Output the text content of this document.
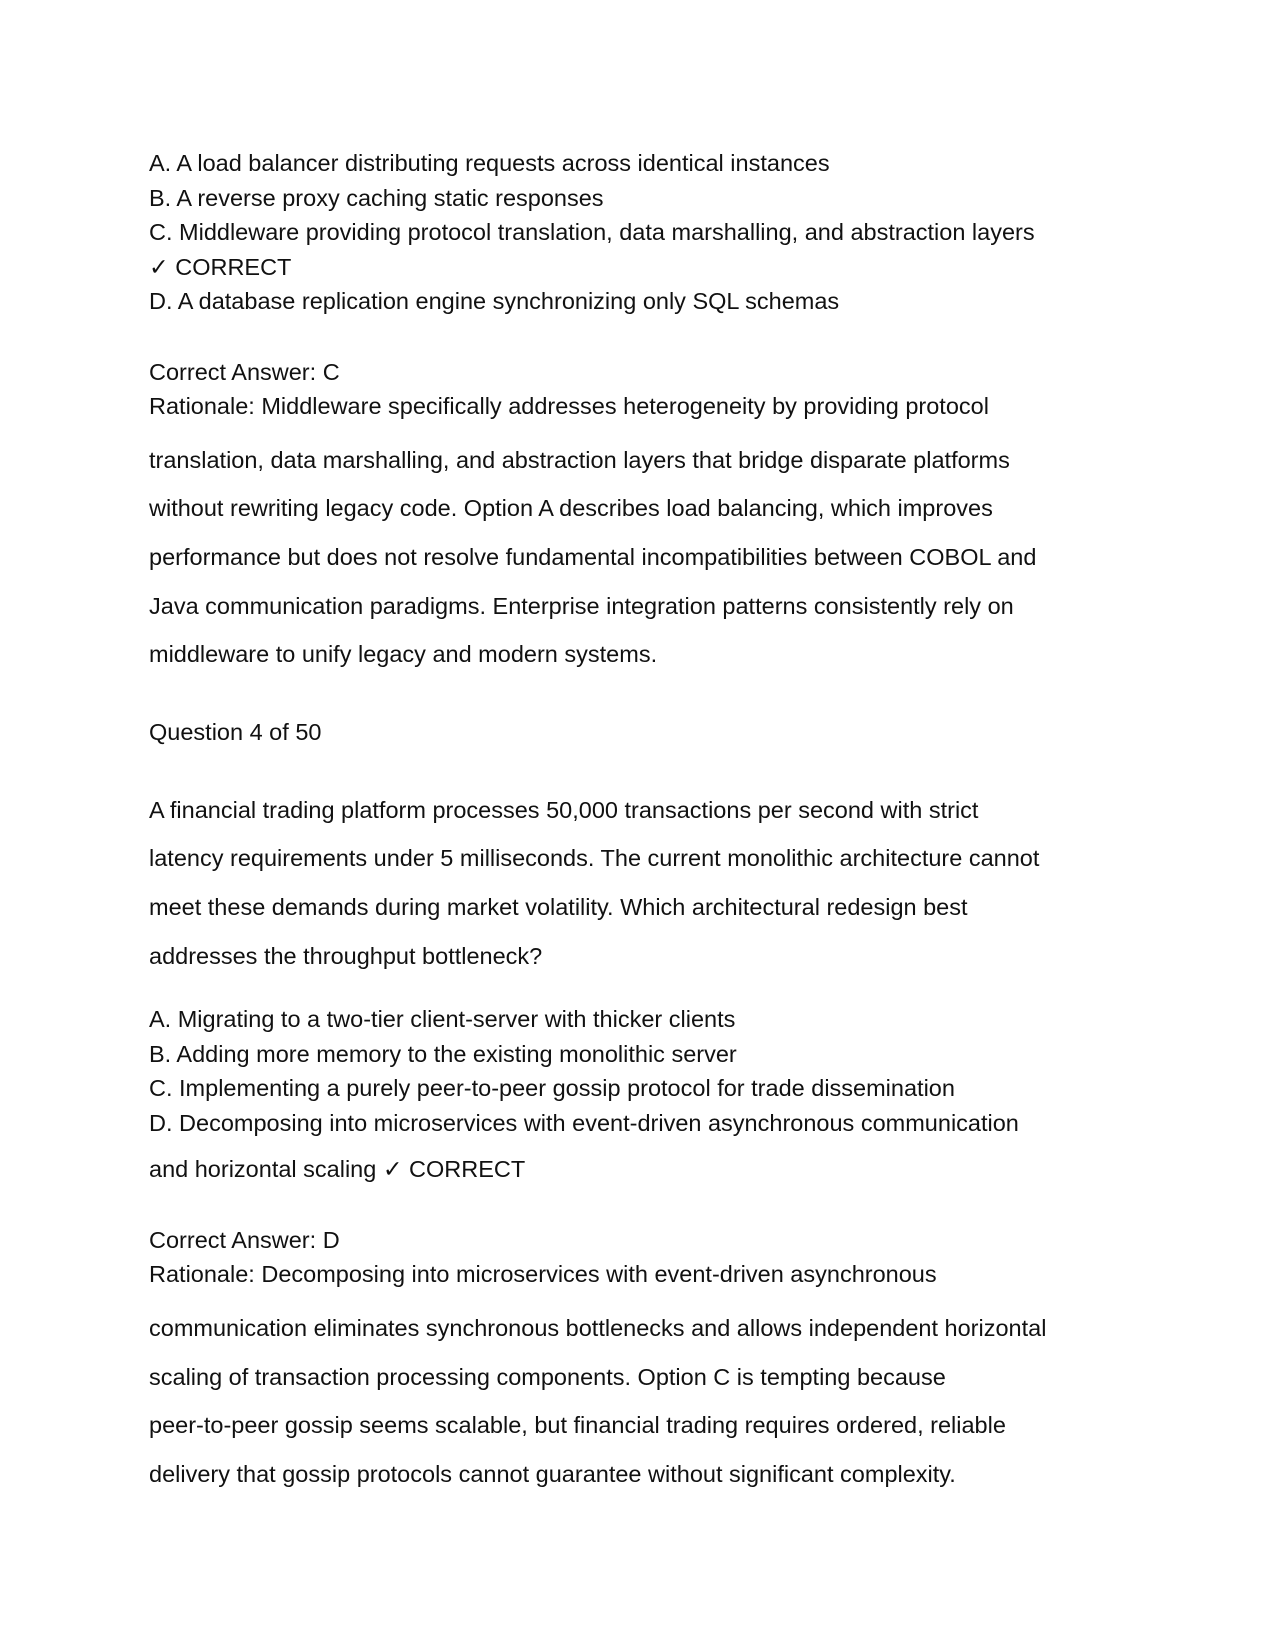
A. A load balancer distributing requests across identical instances
B. A reverse proxy caching static responses
C. Middleware providing protocol translation, data marshalling, and abstraction layers
✓ CORRECT
D. A database replication engine synchronizing only SQL schemas
Correct Answer: C
Rationale: Middleware specifically addresses heterogeneity by providing protocol
translation, data marshalling, and abstraction layers that bridge disparate platforms
without rewriting legacy code. Option A describes load balancing, which improves
performance but does not resolve fundamental incompatibilities between COBOL and
Java communication paradigms. Enterprise integration patterns consistently rely on
middleware to unify legacy and modern systems.
Question 4 of 50
A financial trading platform processes 50,000 transactions per second with strict
latency requirements under 5 milliseconds. The current monolithic architecture cannot
meet these demands during market volatility. Which architectural redesign best
addresses the throughput bottleneck?
A. Migrating to a two-tier client-server with thicker clients
B. Adding more memory to the existing monolithic server
C. Implementing a purely peer-to-peer gossip protocol for trade dissemination
D. Decomposing into microservices with event-driven asynchronous communication
and horizontal scaling ✓ CORRECT
Correct Answer: D
Rationale: Decomposing into microservices with event-driven asynchronous
communication eliminates synchronous bottlenecks and allows independent horizontal
scaling of transaction processing components. Option C is tempting because
peer-to-peer gossip seems scalable, but financial trading requires ordered, reliable
delivery that gossip protocols cannot guarantee without significant complexity.
